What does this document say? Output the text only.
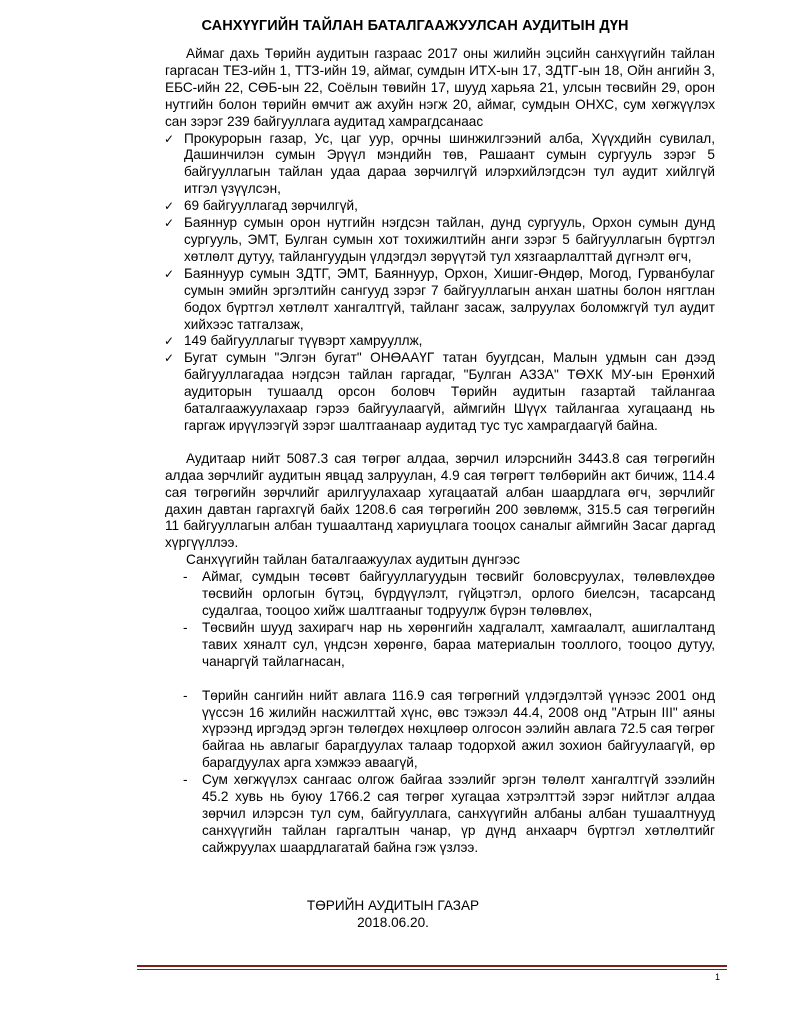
САНХҮҮГИЙН ТАЙЛАН БАТАЛГААЖУУЛСАН АУДИТЫН ДҮН

Аймаг дахь Төрийн аудитын газраас 2017 оны жилийн эцсийн санхүүгийн тайлан гаргасан ТЕЗ-ийн 1, ТТЗ-ийн 19, аймаг, сумдын ИТХ-ын 17, ЗДТГ-ын 18, Ойн ангийн 3, ЕБС-ийн 22, СӨБ-ын 22, Соёлын төвийн 17, шууд харьяа 21, улсын төсвийн 29, орон нутгийн болон төрийн өмчит аж ахуйн нэгж 20, аймаг, сумдын ОНХС, сум хөгжүүлэх сан зэрэг 239 байгууллага аудитад хамрагдсанаас

✓ Прокурорын газар, Ус, цаг уур, орчны шинжилгээний алба, Хүүхдийн сувилал, Дашинчилэн сумын Эрүүл мэндийн төв, Рашаант сумын сургууль зэрэг 5 байгууллагын тайлан удаа дараа зөрчилгүй илэрхийлэгдсэн тул аудит хийлгүй итгэл үзүүлсэн,
✓ 69 байгууллагад зөрчилгүй,
✓ Баяннур сумын орон нутгийн нэгдсэн тайлан, дунд сургууль, Орхон сумын дунд сургууль, ЭМТ, Булган сумын хот тохижилтийн анги зэрэг 5 байгууллагын бүртгэл хөтлөлт дутуу, тайлангуудын үлдэгдэл зөрүүтэй тул хязгаарлалттай дүгнэлт өгч,
✓ Баяннуур сумын ЗДТГ, ЭМТ, Баяннуур, Орхон, Хишиг-Өндөр, Могод, Гурванбулаг сумын эмийн эргэлтийн сангууд зэрэг 7 байгууллагын анхан шатны болон нягтлан бодох бүртгэл хөтлөлт хангалтгүй, тайланг засаж, залруулах боломжгүй тул аудит хийхээс татгалзаж,
✓ 149 байгууллагыг түүвэрт хамрууллж,
✓ Бугат сумын "Элгэн бугат" ОНӨААҮГ татан буугдсан, Малын удмын сан дээд байгууллагадаа нэгдсэн тайлан гаргадаг, "Булган АЗЗА" ТӨХК МУ-ын Ерөнхий аудиторын тушаалд орсон боловч Төрийн аудитын газартай тайлангаа баталгаажуулахаар гэрээ байгуулаагүй, аймгийн Шүүх тайлангаа хугацаанд нь гаргаж ирүүлээгүй зэрэг шалтгаанаар аудитад тус тус хамрагдаагүй байна.

Аудитаар нийт 5087.3 сая төгрөг алдаа, зөрчил илэрснийн 3443.8 сая төгрөгийн алдаа зөрчлийг аудитын явцад залруулан, 4.9 сая төгрөгт төлбөрийн акт бичиж, 114.4 сая төгрөгийн зөрчлийг арилгуулахаар хугацаатай албан шаардлага өгч, зөрчлийг дахин давтан гаргахгүй байх 1208.6 сая төгрөгийн 200 зөвлөмж, 315.5 сая төгрөгийн 11 байгууллагын албан тушаалтанд хариуцлага тооцох саналыг аймгийн Засаг даргад хүргүүллээ.

Санхүүгийн тайлан баталгаажуулах аудитын дүнгээс

- Аймаг, сумдын төсөвт байгууллагуудын төсвийг боловсруулах, төлөвлөхдөө төсвийн орлогын бүтэц, бүрдүүлэлт, гүйцэтгэл, орлого биелсэн, тасарсанд судалгаа, тооцоо хийж шалтгааныг тодруулж бүрэн төлөвлөх,
- Төсвийн шууд захирагч нар нь хөрөнгийн хадгалалт, хамгаалалт, ашиглалтанд тавих хяналт сул, үндсэн хөрөнгө, бараа материалын тооллого, тооцоо дутуу, чанаргүй тайлагнасан,
- Төрийн сангийн нийт авлага 116.9 сая төгрөгний үлдэгдэлтэй үүнээс 2001 онд үүссэн 16 жилийн насжилттай хүнс, өвс тэжээл 44.4, 2008 онд "Атрын III" аяны хүрээнд иргэдэд эргэн төлөгдөх нөхцлөөр олгосон ээлийн авлага 72.5 сая төгрөг байгаа нь авлагыг барагдуулах талаар тодорхой ажил зохион байгуулаагүй, өр барагдуулах арга хэмжээ аваагүй,
- Сум хөгжүүлэх сангаас олгож байгаа зээлийг эргэн төлөлт хангалтгүй зээлийн 45.2 хувь нь буюу 1766.2 сая төгрөг хугацаа хэтрэлттэй зэрэг нийтлэг алдаа зөрчил илэрсэн тул сум, байгууллага, санхүүгийн албаны албан тушаалтнууд санхүүгийн тайлан гаргалтын чанар, үр дүнд анхаарч бүртгэл хөтлөлтийг сайжруулах шаардлагатай байна гэж үзлээ.
ТӨРИЙН АУДИТЫН ГАЗАР
2018.06.20.
1
